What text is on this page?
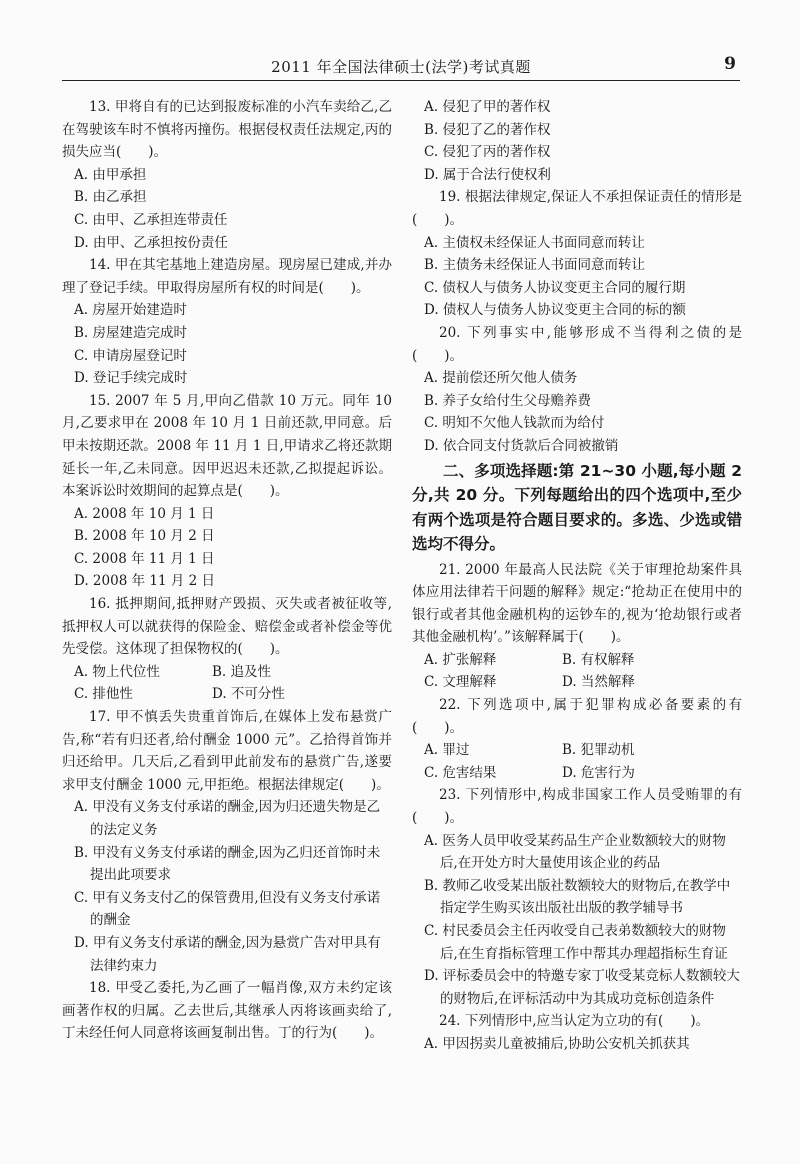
2011 年全国法律硕士(法学)考试真题	9
13. 甲将自有的已达到报废标准的小汽车卖给乙,乙在驾驶该车时不慎将丙撞伤。根据侵权责任法规定,丙的损失应当(　　)。
A. 由甲承担
B. 由乙承担
C. 由甲、乙承担连带责任
D. 由甲、乙承担按份责任
14. 甲在其宅基地上建造房屋。现房屋已建成,并办理了登记手续。甲取得房屋所有权的时间是(　　)。
A. 房屋开始建造时
B. 房屋建造完成时
C. 申请房屋登记时
D. 登记手续完成时
15. 2007 年 5 月,甲向乙借款 10 万元。同年 10 月,乙要求甲在 2008 年 10 月 1 日前还款,甲同意。后甲未按期还款。2008 年 11 月 1 日,甲请求乙将还款期延长一年,乙未同意。因甲迟迟未还款,乙拟提起诉讼。本案诉讼时效期间的起算点是(　　)。
A. 2008 年 10 月 1 日
B. 2008 年 10 月 2 日
C. 2008 年 11 月 1 日
D. 2008 年 11 月 2 日
16. 抵押期间,抵押财产毁损、灭失或者被征收等,抵押权人可以就获得的保险金、赔偿金或者补偿金等优先受偿。这体现了担保物权的(　　)。
A. 物上代位性	B. 追及性
C. 排他性	D. 不可分性
17. 甲不慎丢失贵重首饰后,在媒体上发布悬赏广告,称“若有归还者,给付酬金 1000 元”。乙拾得首饰并归还给甲。几天后,乙看到甲此前发布的悬赏广告,遂要求甲支付酬金 1000 元,甲拒绝。根据法律规定(　　)。
A. 甲没有义务支付承诺的酬金,因为归还遗失物是乙的法定义务
B. 甲没有义务支付承诺的酬金,因为乙归还首饰时未提出此项要求
C. 甲有义务支付乙的保管费用,但没有义务支付承诺的酬金
D. 甲有义务支付承诺的酬金,因为悬赏广告对甲具有法律约束力
18. 甲受乙委托,为乙画了一幅肖像,双方未约定该画著作权的归属。乙去世后,其继承人丙将该画卖给了,丁未经任何人同意将该画复制出售。丁的行为(　　)。
A. 侵犯了甲的著作权
B. 侵犯了乙的著作权
C. 侵犯了丙的著作权
D. 属于合法行使权利
19. 根据法律规定,保证人不承担保证责任的情形是(　　)。
A. 主债权未经保证人书面同意而转让
B. 主债务未经保证人书面同意而转让
C. 债权人与债务人协议变更主合同的履行期
D. 债权人与债务人协议变更主合同的标的额
20. 下列事实中,能够形成不当得利之债的是(　　)。
A. 提前偿还所欠他人债务
B. 养子女给付生父母赡养费
C. 明知不欠他人钱款而为给付
D. 依合同支付货款后合同被撤销
二、多项选择题:第 21~30 小题,每小题 2 分,共 20 分。下列每题给出的四个选项中,至少有两个选项是符合题目要求的。多选、少选或错选均不得分。
21. 2000 年最高人民法院《关于审理抢劫案件具体应用法律若干问题的解释》规定:“抢劫正在使用中的银行或者其他金融机构的运钞车的,视为‘抢劫银行或者其他金融机构’。”该解释属于(　　)。
A. 扩张解释	B. 有权解释
C. 文理解释	D. 当然解释
22. 下列选项中,属于犯罪构成必备要素的有(　　)。
A. 罪过	B. 犯罪动机
C. 危害结果	D. 危害行为
23. 下列情形中,构成非国家工作人员受贿罪的有(　　)。
A. 医务人员甲收受某药品生产企业数额较大的财物后,在开处方时大量使用该企业的药品
B. 教师乙收受某出版社数额较大的财物后,在教学中指定学生购买该出版社出版的教学辅导书
C. 村民委员会主任丙收受自己表弟数额较大的财物后,在生育指标管理工作中帮其办理超指标生育证
D. 评标委员会中的特邀专家丁收受某竞标人数额较大的财物后,在评标活动中为其成功竞标创造条件
24. 下列情形中,应当认定为立功的有(　　)。
A. 甲因拐卖儿童被捕后,协助公安机关抓获其
